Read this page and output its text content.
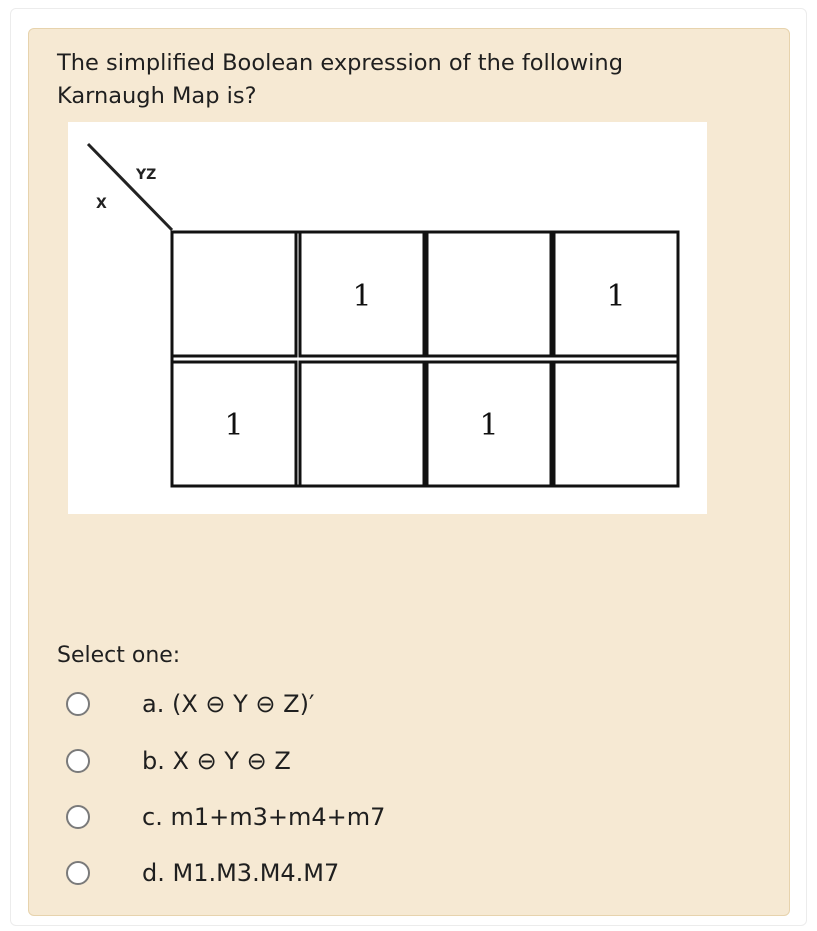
The simplified Boolean expression of the following
Karnaugh Map is?

YZ
X
1	1
1	1
Select one:
a. (X ⊖ Y ⊖ Z)′
b. X ⊖ Y ⊖ Z
c. m1+m3+m4+m7
d. M1.M3.M4.M7
